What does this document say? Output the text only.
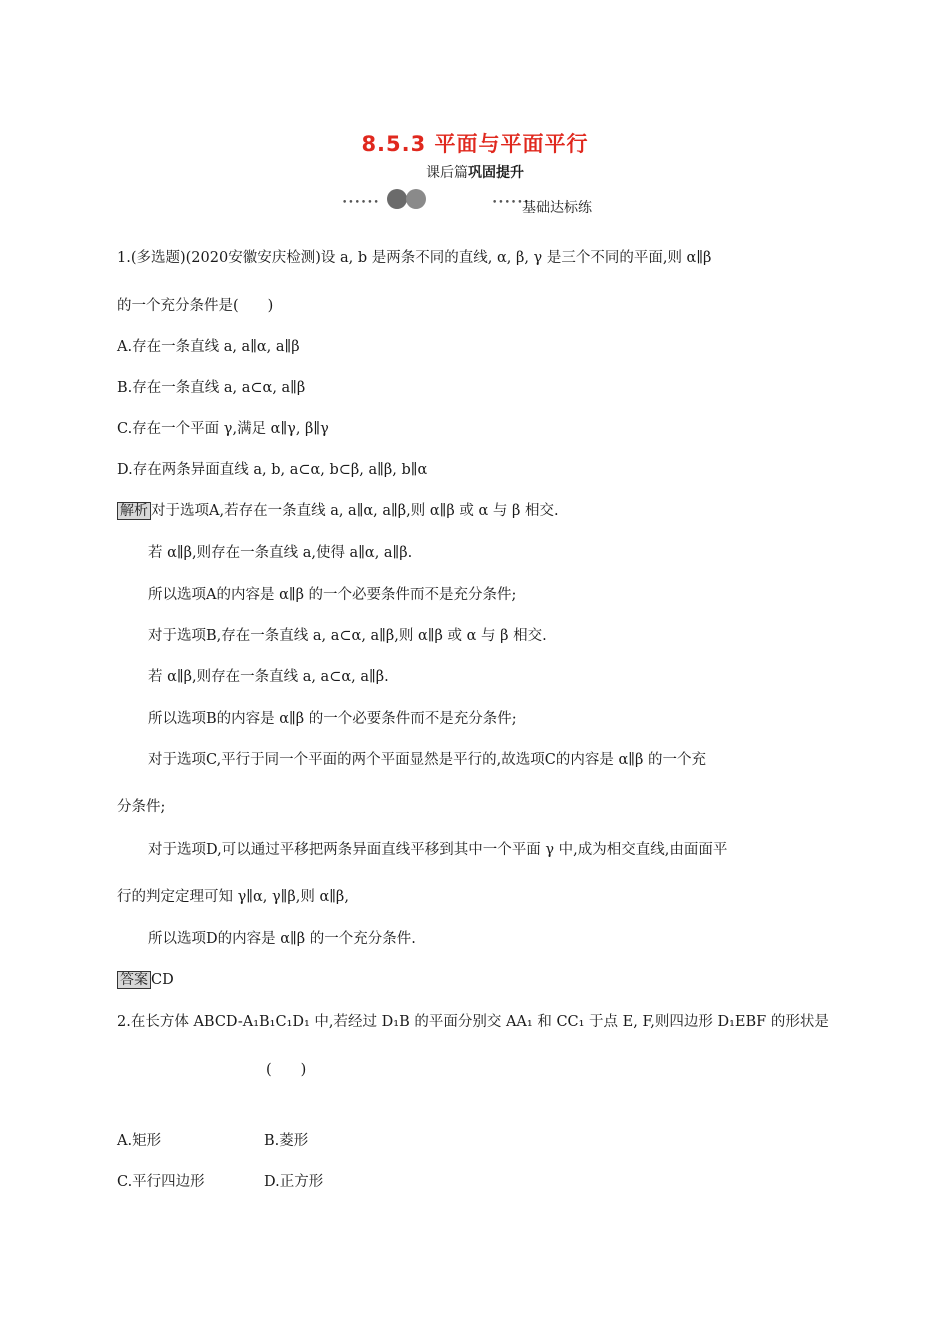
8.5.3 平面与平面平行
课后篇巩固提升
••••••	••••••
基础达标练
1.(多选题)(2020安徽安庆检测)设 a, b 是两条不同的直线, α, β, γ 是三个不同的平面,则 α∥β
的一个充分条件是(　　)
A.存在一条直线 a, a∥α, a∥β
B.存在一条直线 a, a⊂α, a∥β
C.存在一个平面 γ,满足 α∥γ, β∥γ
D.存在两条异面直线 a, b, a⊂α, b⊂β, a∥β, b∥α
解析 对于选项A,若存在一条直线 a, a∥α, a∥β,则 α∥β 或 α 与 β 相交.
若 α∥β,则存在一条直线 a,使得 a∥α, a∥β.
所以选项A的内容是 α∥β 的一个必要条件而不是充分条件;
对于选项B,存在一条直线 a, a⊂α, a∥β,则 α∥β 或 α 与 β 相交.
若 α∥β,则存在一条直线 a, a⊂α, a∥β.
所以选项B的内容是 α∥β 的一个必要条件而不是充分条件;
对于选项C,平行于同一个平面的两个平面显然是平行的,故选项C的内容是 α∥β 的一个充
分条件;
对于选项D,可以通过平移把两条异面直线平移到其中一个平面 γ 中,成为相交直线,由面面平
行的判定定理可知 γ∥α, γ∥β,则 α∥β,
所以选项D的内容是 α∥β 的一个充分条件.
答案 CD
2.在长方体 ABCD-A₁B₁C₁D₁ 中,若经过 D₁B 的平面分别交 AA₁ 和 CC₁ 于点 E, F,则四边形 D₁EBF 的形状是
(　　)
A.矩形	B.菱形
C.平行四边形	D.正方形
